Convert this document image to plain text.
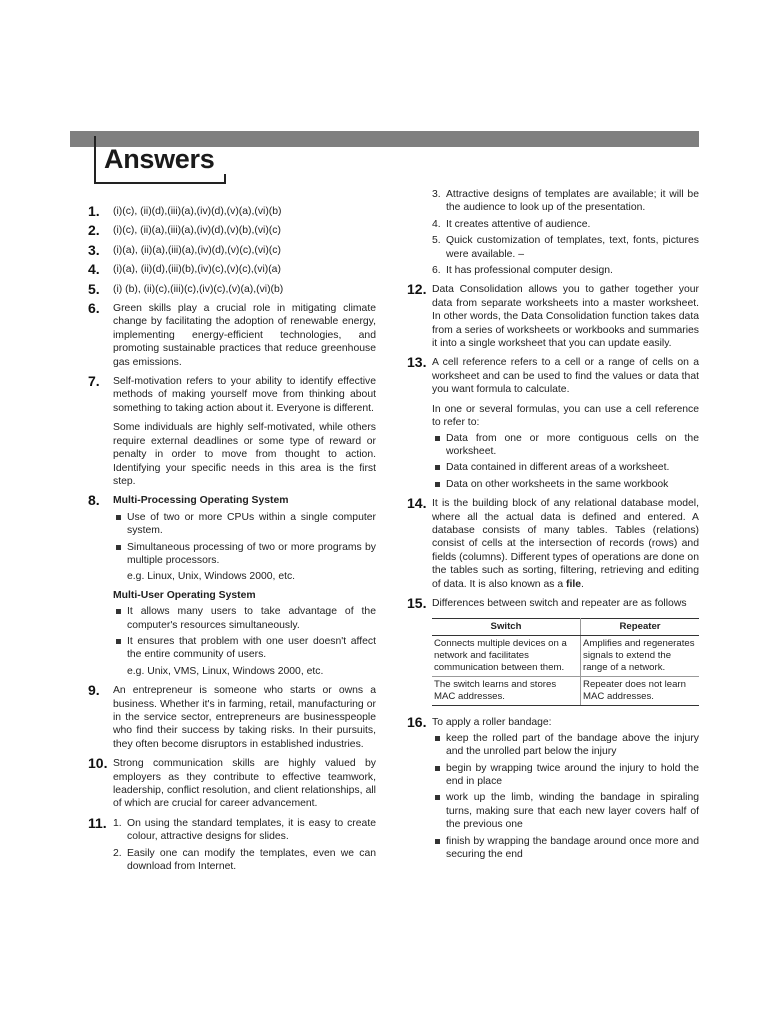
Answers
1. (i)(c), (ii)(d),(iii)(a),(iv)(d),(v)(a),(vi)(b)
2. (i)(c), (ii)(a),(iii)(a),(iv)(d),(v)(b),(vi)(c)
3. (i)(a), (ii)(a),(iii)(a),(iv)(d),(v)(c),(vi)(c)
4. (i)(a), (ii)(d),(iii)(b),(iv)(c),(v)(c),(vi)(a)
5. (i) (b), (ii)(c),(iii)(c),(iv)(c),(v)(a),(vi)(b)
6. Green skills play a crucial role in mitigating climate change by facilitating the adoption of renewable energy, implementing energy-efficient technologies, and promoting sustainable practices that reduce greenhouse gas emissions.
7. Self-motivation refers to your ability to identify effective methods of making yourself move from thinking about something to taking action about it. Everyone is different.
Some individuals are highly self-motivated, while others require external deadlines or some type of reward or penalty in order to move from thought to action. Identifying your specific needs in this area is the first step.
8. Multi-Processing Operating System
Use of two or more CPUs within a single computer system.
Simultaneous processing of two or more programs by multiple processors.
e.g. Linux, Unix, Windows 2000, etc.
Multi-User Operating System
It allows many users to take advantage of the computer's resources simultaneously.
It ensures that problem with one user doesn't affect the entire community of users.
e.g. Unix, VMS, Linux, Windows 2000, etc.
9. An entrepreneur is someone who starts or owns a business. Whether it's in farming, retail, manufacturing or in the service sector, entrepreneurs are businesspeople who find their success by taking risks. In their pursuits, they often become disruptors in established industries.
10. Strong communication skills are highly valued by employers as they contribute to effective teamwork, leadership, conflict resolution, and client relationships, all of which are crucial for career advancement.
11. 1. On using the standard templates, it is easy to create colour, attractive designs for slides.
2. Easily one can modify the templates, even we can download from Internet.
3. Attractive designs of templates are available; it will be the audience to look up of the presentation.
4. It creates attentive of audience.
5. Quick customization of templates, text, fonts, pictures were available. –
6. It has professional computer design.
12. Data Consolidation allows you to gather together your data from separate worksheets into a master worksheet. In other words, the Data Consolidation function takes data from a series of worksheets or workbooks and summaries it into a single worksheet that you can update easily.
13. A cell reference refers to a cell or a range of cells on a worksheet and can be used to find the values or data that you want formula to calculate.
In one or several formulas, you can use a cell reference to refer to:
Data from one or more contiguous cells on the worksheet.
Data contained in different areas of a worksheet.
Data on other worksheets in the same workbook
14. It is the building block of any relational database model, where all the actual data is defined and entered. A database consists of many tables. Tables (relations) consist of cells at the intersection of records (rows) and fields (columns). Different types of operations are done on the tables such as sorting, filtering, retrieving and editing of data. It is also known as a file.
15. Differences between switch and repeater are as follows
Switch	Repeater
Connects multiple devices on a network and facilitates communication between them.	Amplifies and regenerates signals to extend the range of a network.
The switch learns and stores MAC addresses.	Repeater does not learn MAC addresses.
16. To apply a roller bandage:
keep the rolled part of the bandage above the injury and the unrolled part below the injury
begin by wrapping twice around the injury to hold the end in place
work up the limb, winding the bandage in spiraling turns, making sure that each new layer covers half of the previous one
finish by wrapping the bandage around once more and securing the end
